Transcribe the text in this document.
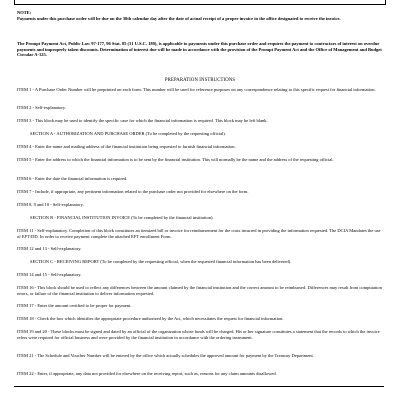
NOTE:
Payments under this purchase order will be due on the 30th calendar day after the date of actual receipt of a proper invoice in the office designated to receive the invoice.
The Prompt Payment Act, Public Law 97-177, 96 Stat. 85 (31 U.S.C. 180), is applicable to payments under this purchase order and requires the payment to contractors of interest on overdue payments and improperly taken discounts. Determination of interest due will be made in accordance with the provision of the Prompt Payment Act and the Office of Management and Budget Circular A-125.
PREPARATION INSTRUCTIONS

ITEM 1 - A Purchase Order Number will be preprinted on each form. This number will be used for reference purposes on any correspondence relating to this specific request for financial information.

ITEM 2 - Self-explanatory.

ITEM 3 - This block may be used to identify the specific case for which the financial information is required. This block may be left blank.

SECTION A - AUTHORIZATION AND PURCHASE ORDER (To be completed by the requesting official).

ITEM 4 - Enter the name and mailing address of the financial institution being requested to furnish financial information.

ITEM 5 - Enter the address to which the financial information is to be sent by the financial institution. This will normally be the name and the address of the requesting official.

ITEM 6 - Enter the date the financial information is required.

ITEM 7 - Include, if appropriate, any pertinent information related to the purchase order not provided for elsewhere on the form.

ITEM 8, 9 and 10 - Self-explanatory.

SECTION B - FINANCIAL INSTITUTION INVOICE (To be completed by the financial institution).

ITEM 11 - Self-explanatory. Completion of this block constitutes an itemized bill or invoice for reimbursement for the costs incurred in providing the information requested. The DCIA Mandates the use of EFT/DD. In order to receive payment complete the attached EFT enrollment Form.

ITEM 12 and 13 - Self-explanatory.

SECTION C - RECEIVING REPORT (To be completed by the requesting official, when the requested financial information has been delivered).

ITEM 14 and 15 - Self-explanatory.

ITEM 16 - This block should be used to reflect any differences between the amount claimed by the financial institution and the correct amount to be reimbursed. Differences may result from computation errors, or failure of the financial institution to deliver information requested.

ITEM 17 - Enter the amount certified to be proper for payment.

ITEM 18 - Check the box which identifies the appropriate procedure authorized by the Act, which necessitates the request for financial information.

ITEM 19 and 20 - These blocks must be signed and dated by an official of the organization whose funds will be charged. His or her signature constitutes a statement that the records to which the invoice refers were required for official business and were provided by the financial institution in accordance with the ordering instrument.

ITEM 21 - The Schedule and Voucher Number will be entered by the office which actually schedules the approved amount for payment by the Treasury Department.

ITEM 22 - Enter, if appropriate, any data not provided for elsewhere on the receiving report, such as, reasons for any claim amounts disallowed.
